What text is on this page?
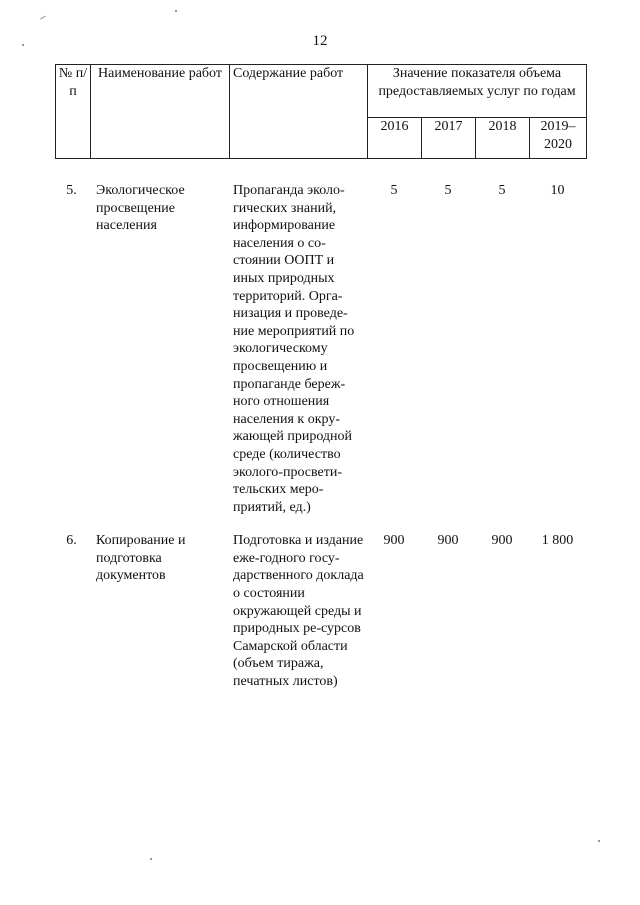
12
№ п/п	Наименование работ	Содержание работ	Значение показателя объема предоставляемых услуг по годам			
			2016	2017	2018	2019–2020
5.	Экологическое просвещение населения	Пропаганда эколо-гических знаний, информирование населения о со-стоянии ООПТ и иных природных территорий. Орга-низация и проведе-ние мероприятий по экологическому просвещению и пропаганде береж-ного отношения населения к окру-жающей природной среде (количество эколого-просвети-тельских меро-приятий, ед.)	5	5	5	10

6.	Копирование и подготовка документов	Подготовка и издание еже-годного госу-дарственного доклада о состоянии окружающей среды и природных ре-сурсов Самарской области (объем тиража, печатных листов)	900	900	900	1 800
